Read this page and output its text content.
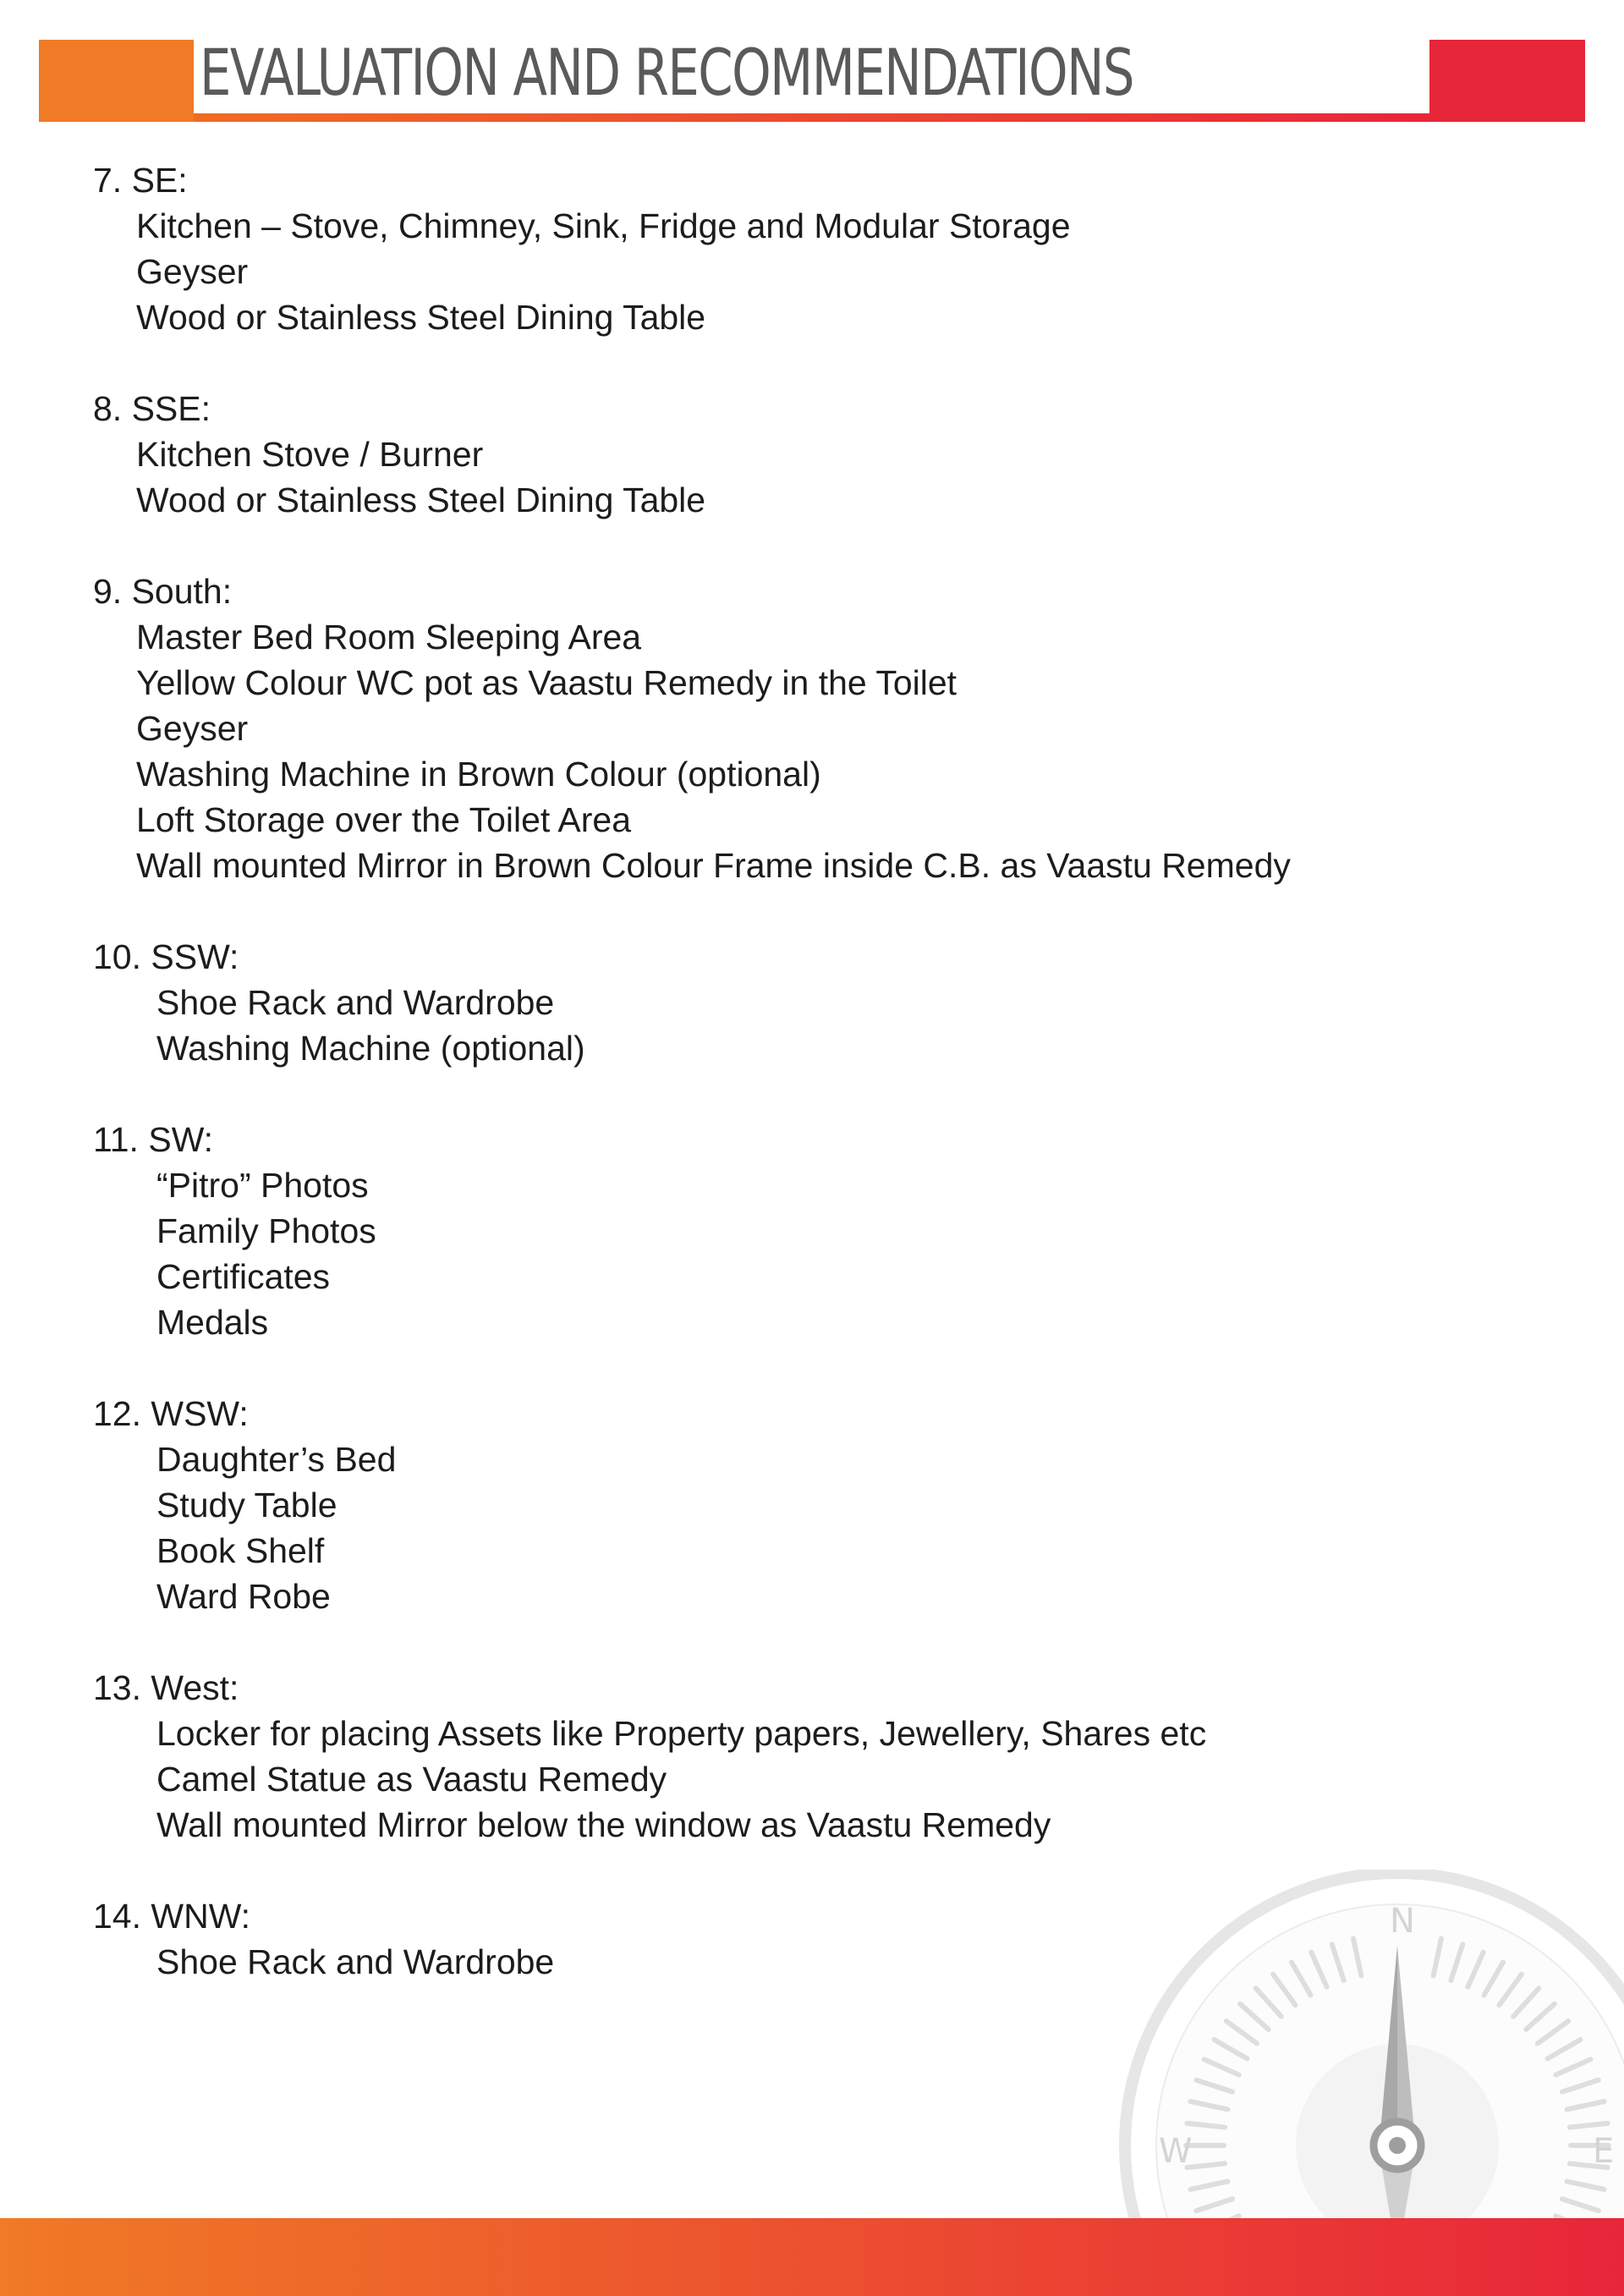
EVALUATION AND RECOMMENDATIONS
7. SE:
Kitchen – Stove, Chimney, Sink, Fridge and Modular Storage
Geyser
Wood or Stainless Steel Dining Table
8. SSE:
Kitchen Stove / Burner
Wood or Stainless Steel Dining Table
9. South:
Master Bed Room Sleeping Area
Yellow Colour WC pot as Vaastu Remedy in the Toilet
Geyser
Washing Machine in Brown Colour (optional)
Loft Storage over the Toilet Area
Wall mounted Mirror in Brown Colour Frame inside C.B. as Vaastu Remedy
10. SSW:
Shoe Rack and Wardrobe
Washing Machine (optional)
11. SW:
“Pitro” Photos
Family Photos
Certificates
Medals
12. WSW:
Daughter’s Bed
Study Table
Book Shelf
Ward Robe
13. West:
Locker for placing Assets like Property papers, Jewellery, Shares etc
Camel Statue as Vaastu Remedy
Wall mounted Mirror below the window as Vaastu Remedy
14. WNW:
Shoe Rack and Wardrobe
N
W	E
